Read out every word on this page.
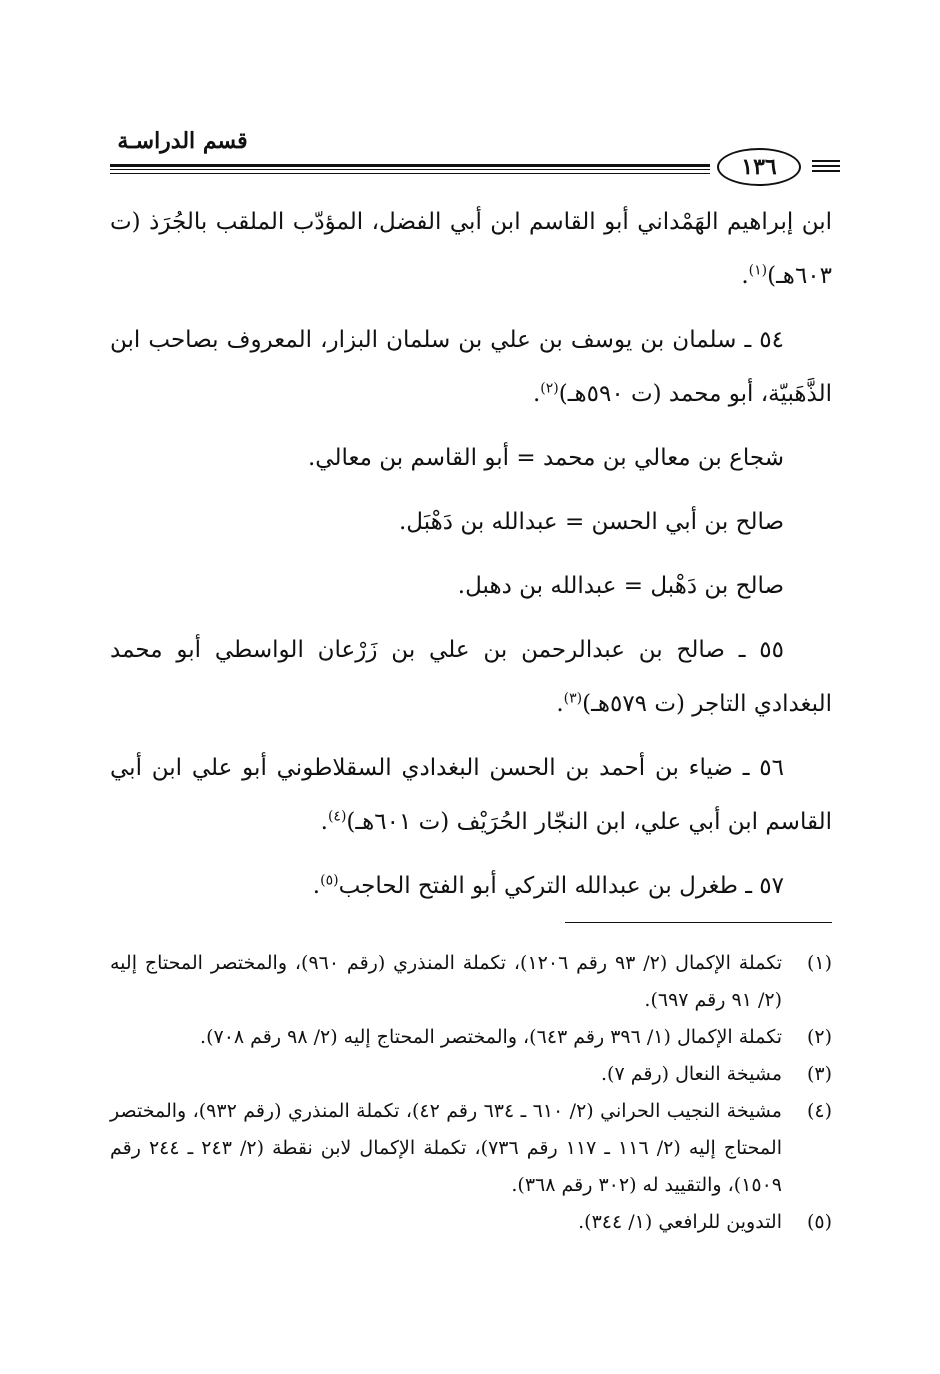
قسم الدراسـة
١٣٦

ابن إبراهيم الهَمْداني أبو القاسم ابن أبي الفضل، المؤدّب الملقب بالجُرَذ (ت ٦٠٣هـ)$^{(١)}$.

٥٤ ـ سلمان بن يوسف بن علي بن سلمان البزار، المعروف بصاحب ابن الذَّهَبيّة، أبو محمد (ت ٥٩٠هـ)$^{(٢)}$.

شجاع بن معالي بن محمد = أبو القاسم بن معالي.

صالح بن أبي الحسن = عبدالله بن دَهْبَل.

صالح بن دَهْبل = عبدالله بن دهبل.

٥٥ ـ صالح بن عبدالرحمن بن علي بن زَرْعان الواسطي أبو محمد البغدادي التاجر (ت ٥٧٩هـ)$^{(٣)}$.

٥٦ ـ ضياء بن أحمد بن الحسن البغدادي السقلاطوني أبو علي ابن أبي القاسم ابن أبي علي، ابن النجّار الحُرَيْف (ت ٦٠١هـ)$^{(٤)}$.

٥٧ ـ طغرل بن عبدالله التركي أبو الفتح الحاجب$^{(٥)}$.

(١)
تكملة الإكمال (٢/ ٩٣ رقم ١٢٠٦)، تكملة المنذري (رقم ٩٦٠)، والمختصر المحتاج إليه (٢/ ٩١ رقم ٦٩٧).
(٢)
تكملة الإكمال (١/ ٣٩٦ رقم ٦٤٣)، والمختصر المحتاج إليه (٢/ ٩٨ رقم ٧٠٨).
(٣)
مشيخة النعال (رقم ٧).
(٤)
مشيخة النجيب الحراني (٢/ ٦١٠ ـ ٦٣٤ رقم ٤٢)، تكملة المنذري (رقم ٩٣٢)، والمختصر المحتاج إليه (٢/ ١١٦ ـ ١١٧ رقم ٧٣٦)، تكملة الإكمال لابن نقطة (٢/ ٢٤٣ ـ ٢٤٤ رقم ١٥٠٩)، والتقييد له (٣٠٢ رقم ٣٦٨).
(٥)
التدوين للرافعي (١/ ٣٤٤).
